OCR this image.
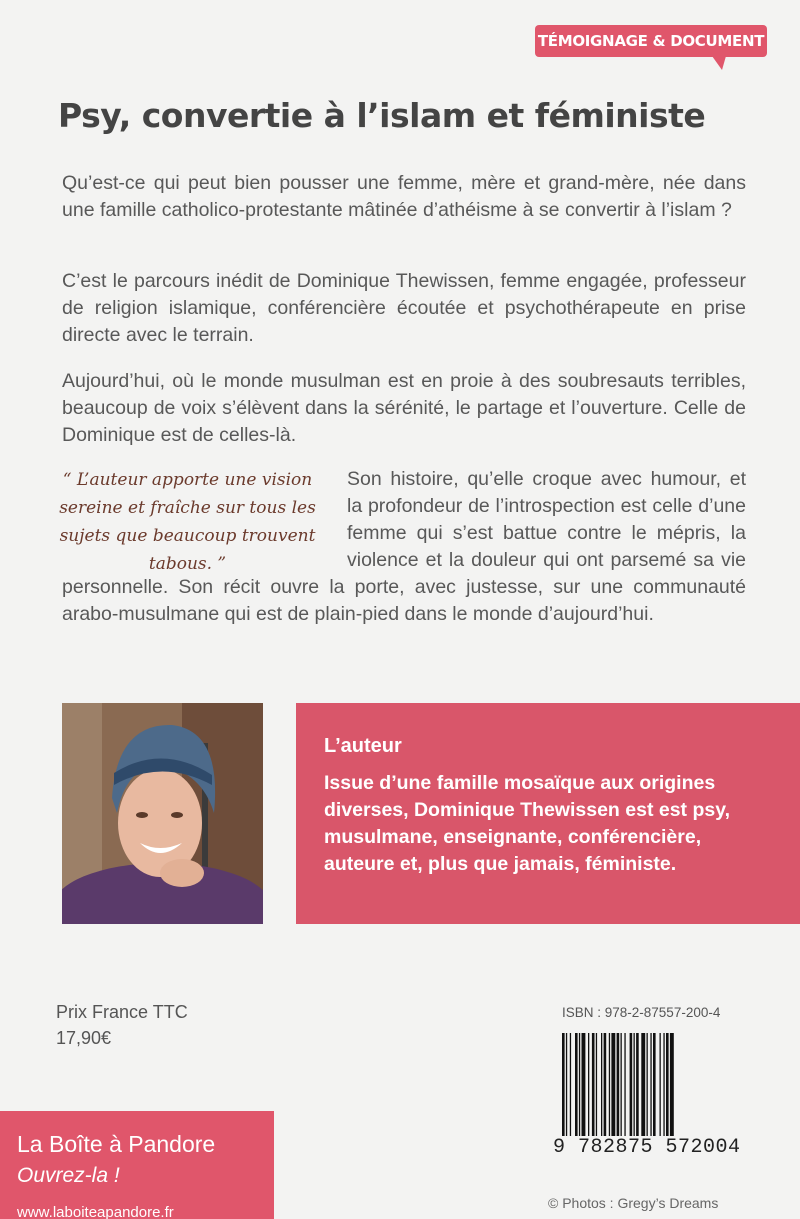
TÉMOIGNAGE & DOCUMENT
Psy, convertie à l’islam et féministe

Qu’est-ce qui peut bien pousser une femme, mère et grand-mère, née dans une famille catholico-protestante mâtinée d’athéisme à se convertir à l’islam ?

C’est le parcours inédit de Dominique Thewissen, femme engagée, professeur de religion islamique, conférencière écoutée et psychothérapeute en prise directe avec le terrain.

Aujourd’hui, où le monde musulman est en proie à des soubresauts terribles, beaucoup de voix s’élèvent dans la sérénité, le partage et l’ouverture. Celle de Dominique est de celles-là.

“ L’auteur apporte une vision sereine et fraîche sur tous les sujets que beaucoup trouvent tabous. ”
Son histoire, qu’elle croque avec humour, et la profondeur de l’introspection est celle d’une femme qui s’est battue contre le mépris, la violence et la douleur qui ont parsemé sa vie personnelle. Son récit ouvre la porte, avec justesse, sur une communauté arabo-musulmane qui est de plain-pied dans le monde d’aujourd’hui.
L’auteur
Issue d’une famille mosaïque aux origines diverses, Dominique Thewissen est est psy, musulmane, enseignante, conférencière, auteure et, plus que jamais, féministe.
Prix France TTC
17,90€
ISBN : 978-2-87557-200-4
9 782875 572004
La Boîte à Pandore
Ouvrez-la !
www.laboiteapandore.fr
© Photos : Gregy’s Dreams
